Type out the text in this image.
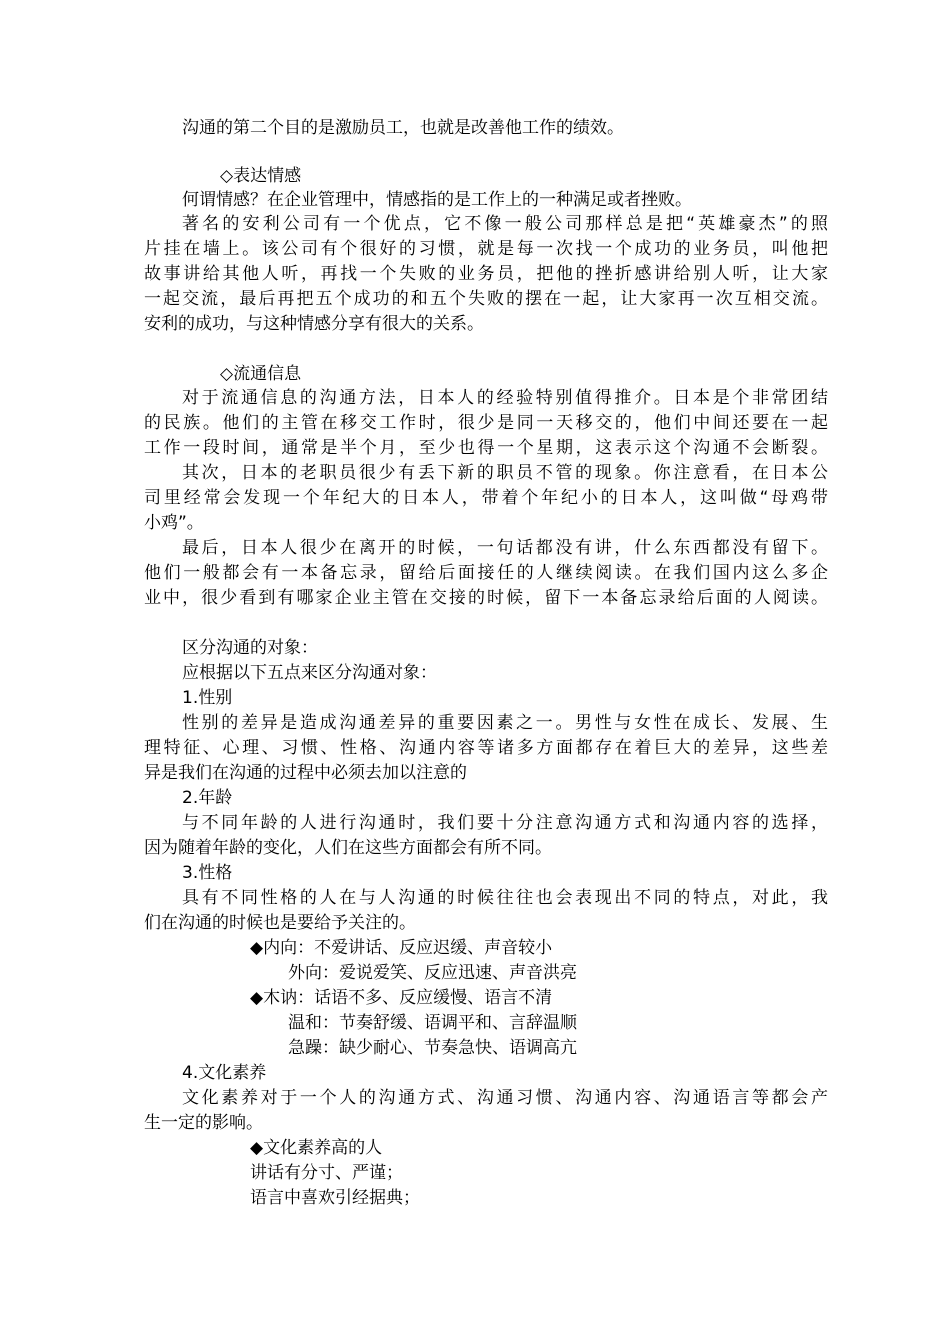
沟通的第二个目的是激励员工，也就是改善他工作的绩效。
◇表达情感
何谓情感？在企业管理中，情感指的是工作上的一种满足或者挫败。
著名的安利公司有一个优点，它不像一般公司那样总是把“英雄豪杰”的照
片挂在墙上。该公司有个很好的习惯，就是每一次找一个成功的业务员，叫他把
故事讲给其他人听，再找一个失败的业务员，把他的挫折感讲给别人听，让大家
一起交流，最后再把五个成功的和五个失败的摆在一起，让大家再一次互相交流。
安利的成功，与这种情感分享有很大的关系。
◇流通信息
对于流通信息的沟通方法，日本人的经验特别值得推介。日本是个非常团结
的民族。他们的主管在移交工作时，很少是同一天移交的，他们中间还要在一起
工作一段时间，通常是半个月，至少也得一个星期，这表示这个沟通不会断裂。
其次，日本的老职员很少有丢下新的职员不管的现象。你注意看，在日本公
司里经常会发现一个年纪大的日本人，带着个年纪小的日本人，这叫做“母鸡带
小鸡”。
最后，日本人很少在离开的时候，一句话都没有讲，什么东西都没有留下。
他们一般都会有一本备忘录，留给后面接任的人继续阅读。在我们国内这么多企
业中，很少看到有哪家企业主管在交接的时候，留下一本备忘录给后面的人阅读。
区分沟通的对象：
应根据以下五点来区分沟通对象：
1.性别
性别的差异是造成沟通差异的重要因素之一。男性与女性在成长、发展、生
理特征、心理、习惯、性格、沟通内容等诸多方面都存在着巨大的差异，这些差
异是我们在沟通的过程中必须去加以注意的
2.年龄
与不同年龄的人进行沟通时，我们要十分注意沟通方式和沟通内容的选择，
因为随着年龄的变化，人们在这些方面都会有所不同。
3.性格
具有不同性格的人在与人沟通的时候往往也会表现出不同的特点，对此，我
们在沟通的时候也是要给予关注的。
◆内向：不爱讲话、反应迟缓、声音较小
外向：爱说爱笑、反应迅速、声音洪亮
◆木讷：话语不多、反应缓慢、语言不清
温和：节奏舒缓、语调平和、言辞温顺
急躁：缺少耐心、节奏急快、语调高亢
4.文化素养
文化素养对于一个人的沟通方式、沟通习惯、沟通内容、沟通语言等都会产
生一定的影响。
◆文化素养高的人
讲话有分寸、严谨；
语言中喜欢引经据典；
